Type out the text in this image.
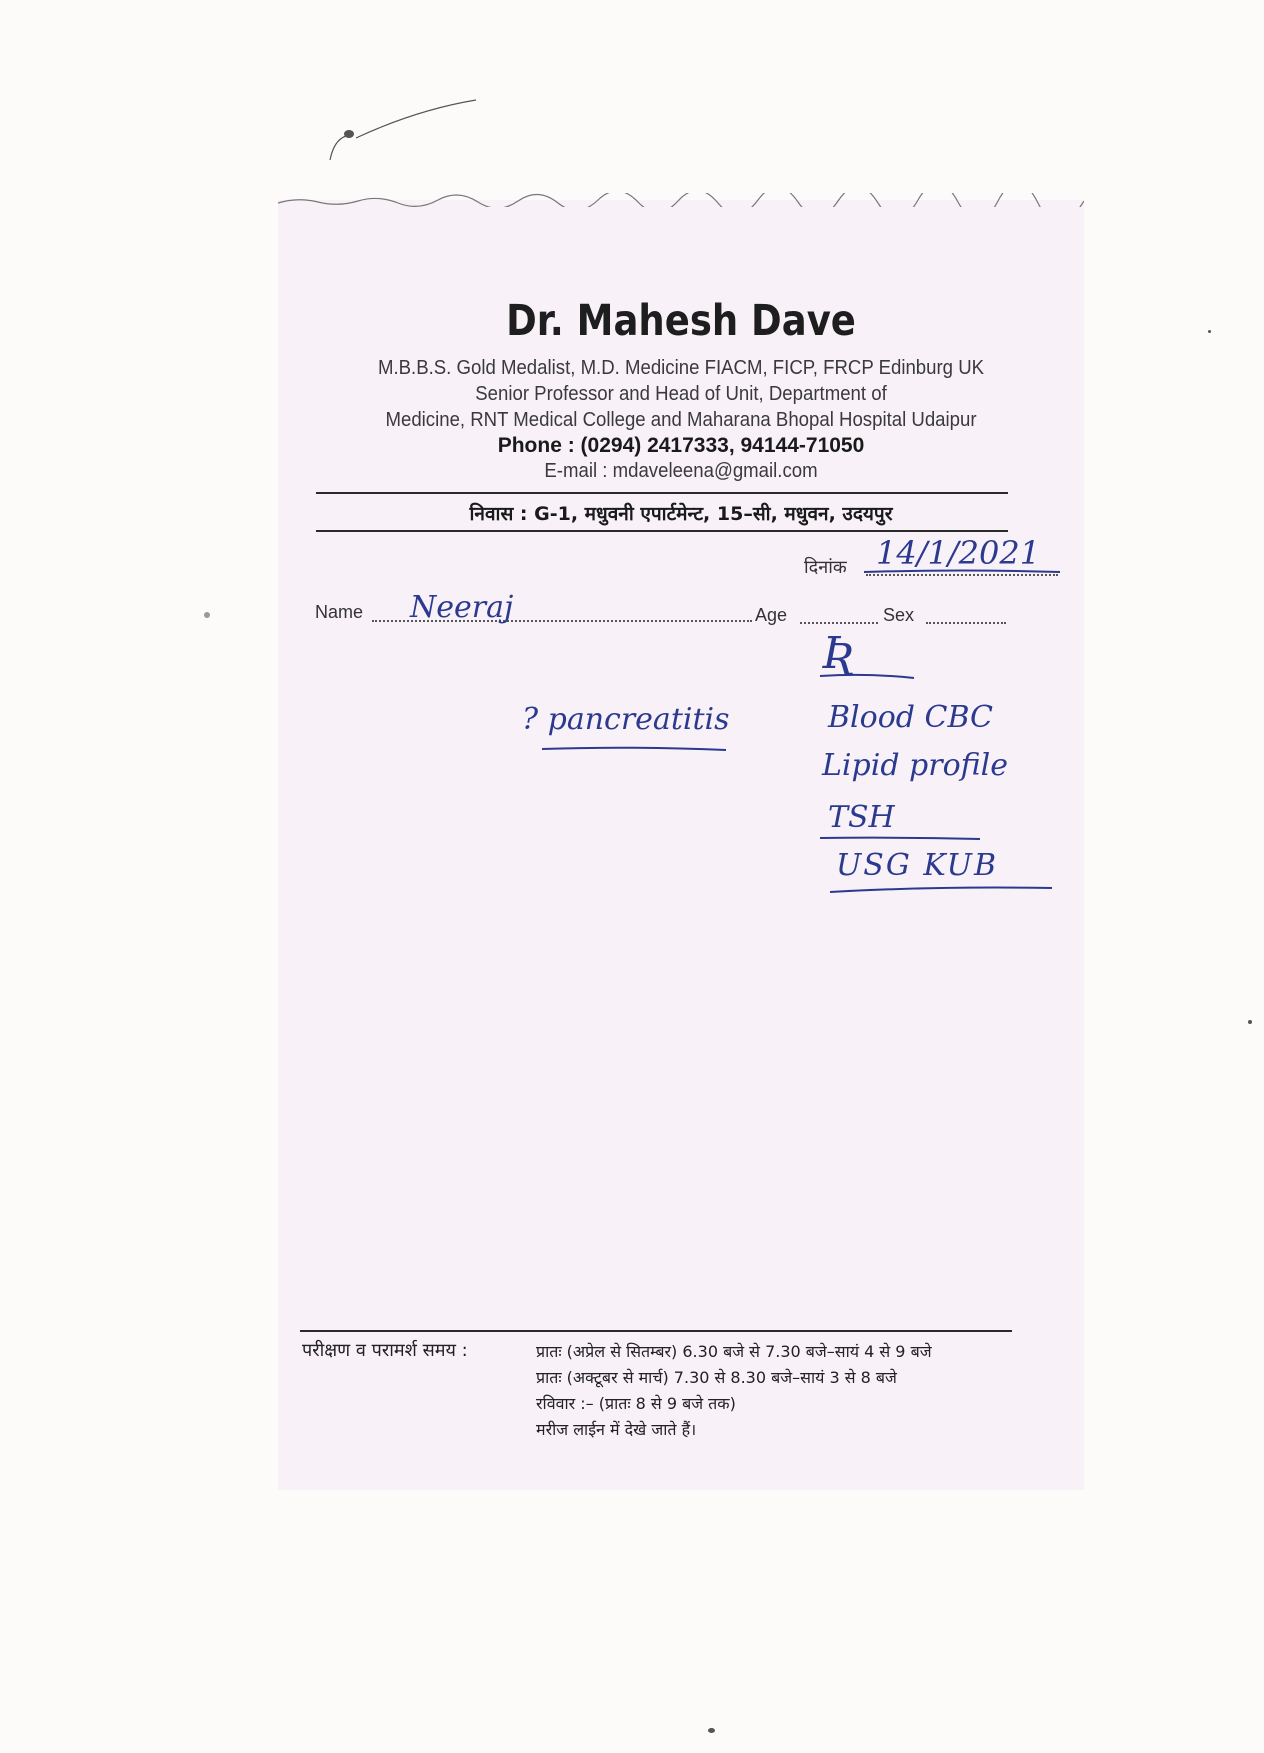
Dr. Mahesh Dave
M.B.B.S. Gold Medalist, M.D. Medicine FIACM, FICP, FRCP Edinburg UK
Senior Professor and Head of Unit, Department of
Medicine, RNT Medical College and Maharana Bhopal Hospital Udaipur
Phone : (0294) 2417333, 94144-71050
E-mail : mdaveleena@gmail.com
निवास : G-1, मधुवनी एपार्टमेन्ट, 15–सी, मधुवन, उदयपुर
दिनांक 14/1/2021
Name Neeraj	Age	Sex
Ʀ
? pancreatitis	Blood CBC
Lipid profile
TSH
USG KUB
परीक्षण व परामर्श समय :	प्रातः (अप्रेल से सितम्बर) 6.30 बजे से 7.30 बजे–सायं 4 से 9 बजे
प्रातः (अक्टूबर से मार्च) 7.30 से 8.30 बजे–सायं 3 से 8 बजे
रविवार :– (प्रातः 8 से 9 बजे तक)
मरीज लाईन में देखे जाते हैं।
